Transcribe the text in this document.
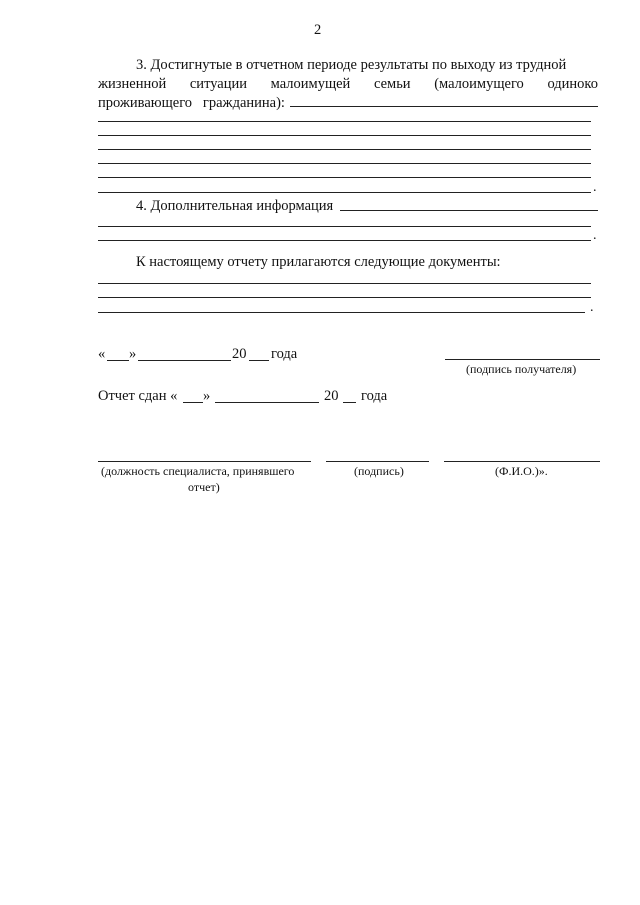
2
3. Достигнутые в отчетном периоде результаты по выходу из трудной
жизненной ситуации малоимущей семьи (малоимущего одиноко
проживающего   гражданина):
.
4. Дополнительная информация
.
К настоящему отчету прилагаются следующие документы:
.
« »	20 года
(подпись получателя)
Отчет сдан « »	20 года
(должность специалиста, принявшего
отчет)
(подпись)	(Ф.И.О.)».
